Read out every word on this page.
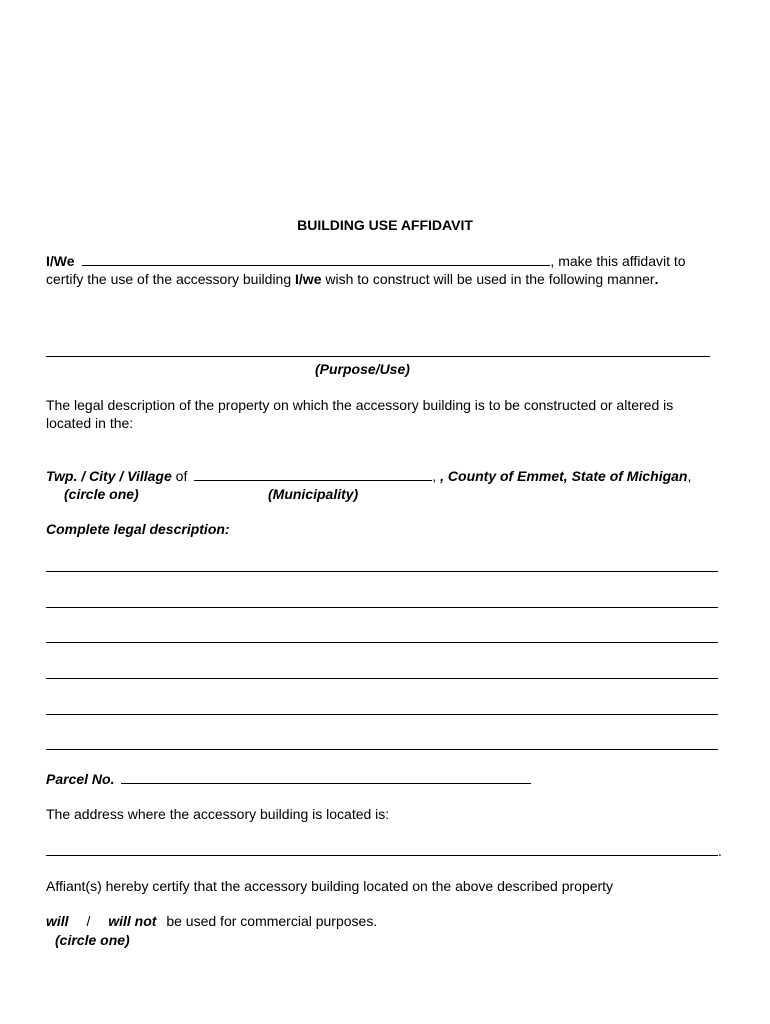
BUILDING USE AFFIDAVIT
I/We	, make this affidavit to
certify the use of the accessory building I/we wish to construct will be used in the following manner.
(Purpose/Use)
The legal description of the property on which the accessory building is to be constructed or altered is
located in the:
Twp. / City / Village of	, , County of Emmet, State of Michigan,
(circle one)	(Municipality)
Complete legal description:
Parcel No.
The address where the accessory building is located is:
.
Affiant(s) hereby certify that the accessory building located on the above described property
will / will not be used for commercial purposes.
(circle one)
